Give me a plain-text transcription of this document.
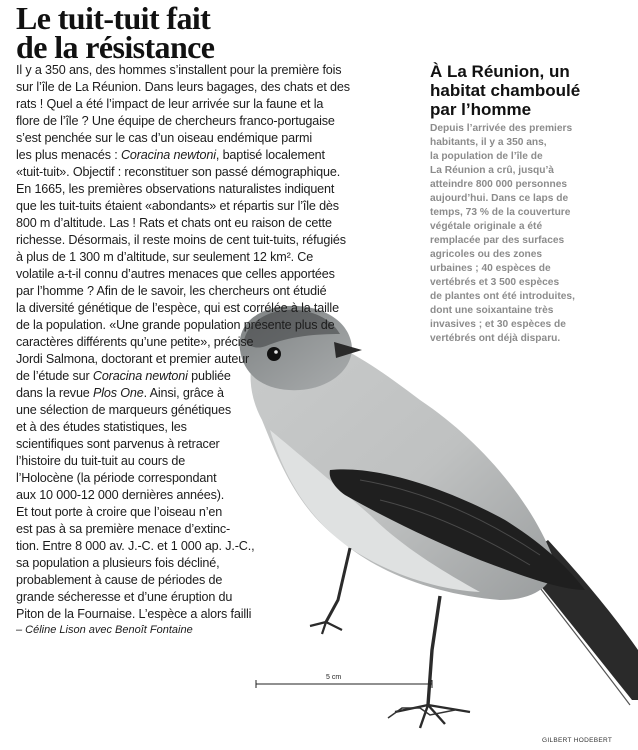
Le tuit-tuit fait
de la résistance
Il y a 350 ans, des hommes s’installent pour la première fois
sur l’île de La Réunion. Dans leurs bagages, des chats et des
rats ! Quel a été l’impact de leur arrivée sur la faune et la
flore de l’île ? Une équipe de chercheurs franco-portugaise
s’est penchée sur le cas d’un oiseau endémique parmi
les plus menacés : Coracina newtoni, baptisé localement
«tuit-tuit». Objectif : reconstituer son passé démographique.
En 1665, les premières observations naturalistes indiquent
que les tuit-tuits étaient «abondants» et répartis sur l’île dès
800 m d’altitude. Las ! Rats et chats ont eu raison de cette
richesse. Désormais, il reste moins de cent tuit-tuits, réfugiés
à plus de 1 300 m d’altitude, sur seulement 12 km². Ce
volatile a-t-il connu d’autres menaces que celles apportées
par l’homme ? Afin de le savoir, les chercheurs ont étudié
la diversité génétique de l’espèce, qui est corrélée à la taille
de la population. «Une grande population présente plus de
caractères différents qu’une petite», précise
Jordi Salmona, doctorant et premier auteur
de l’étude sur Coracina newtoni publiée
dans la revue Plos One. Ainsi, grâce à
une sélection de marqueurs génétiques
et à des études statistiques, les
scientifiques sont parvenus à retracer
l’histoire du tuit-tuit au cours de
l’Holocène (la période correspondant
aux 10 000-12 000 dernières années).
Et tout porte à croire que l’oiseau n’en
est pas à sa première menace d’extinc-
tion. Entre 8 000 av. J.-C. et 1 000 ap. J.-C.,
sa population a plusieurs fois décliné,
probablement à cause de périodes de
grande sécheresse et d’une éruption du
Piton de la Fournaise. L’espèce a alors failli
– Céline Lison avec Benoît Fontaine
À La Réunion, un
habitat chamboulé
par l’homme
Depuis l’arrivée des premiers
habitants, il y a 350 ans,
la population de l’île de
La Réunion a crû, jusqu’à
atteindre 800 000 personnes
aujourd’hui. Dans ce laps de
temps, 73 % de la couverture
végétale originale a été
remplacée par des surfaces
agricoles ou des zones
urbaines ; 40 espèces de
vertébrés et 3 500 espèces
de plantes ont été introduites,
dont une soixantaine très
invasives ; et 30 espèces de
vertébrés ont déjà disparu.
5 cm
GILBERT HODEBERT
